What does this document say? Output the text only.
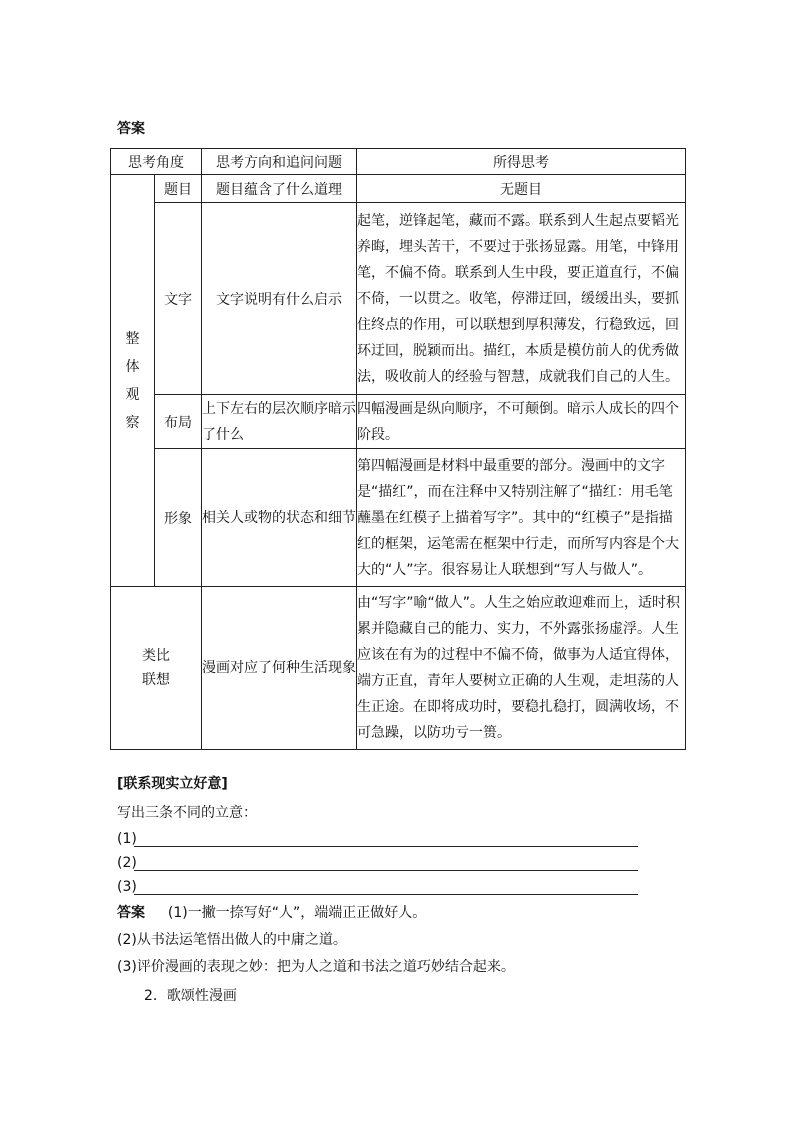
答案
思考角度		思考方向和追问问题	所得思考

整
体
观
察	题目	题目蕴含了什么道理	无题目
	文字	文字说明有什么启示	起笔，逆锋起笔，藏而不露。联系到人生起点要韬光养晦，埋头苦干，不要过于张扬显露。用笔，中锋用笔，不偏不倚。联系到人生中段，要正道直行，不偏不倚，一以贯之。收笔，停滞迂回，缓缓出头，要抓住终点的作用，可以联想到厚积薄发，行稳致远，回环迂回，脱颖而出。描红，本质是模仿前人的优秀做法，吸收前人的经验与智慧，成就我们自己的人生。
	布局	上下左右的层次顺序暗示了什么	四幅漫画是纵向顺序，不可颠倒。暗示人成长的四个阶段。
	形象	相关人或物的状态和细节	第四幅漫画是材料中最重要的部分。漫画中的文字是“描红”，而在注释中又特别注解了“描红：用毛笔蘸墨在红模子上描着写字”。其中的“红模子”是指描红的框架，运笔需在框架中行走，而所写内容是个大大的“人”字。很容易让人联想到“写人与做人”。

类比
联想		漫画对应了何种生活现象	由“写字”喻“做人”。人生之始应敢迎难而上，适时积累并隐藏自己的能力、实力，不外露张扬虚浮。人生应该在有为的过程中不偏不倚，做事为人适宜得体，端方正直，青年人要树立正确的人生观，走坦荡的人生正途。在即将成功时，要稳扎稳打，圆满收场，不可急躁，以防功亏一篑。
[联系现实立好意]
写出三条不同的立意：
(1)
(2)
(3)
答案 (1)一撇一捺写好“人”，端端正正做好人。
(2)从书法运笔悟出做人的中庸之道。
(3)评价漫画的表现之妙：把为人之道和书法之道巧妙结合起来。
2．歌颂性漫画
